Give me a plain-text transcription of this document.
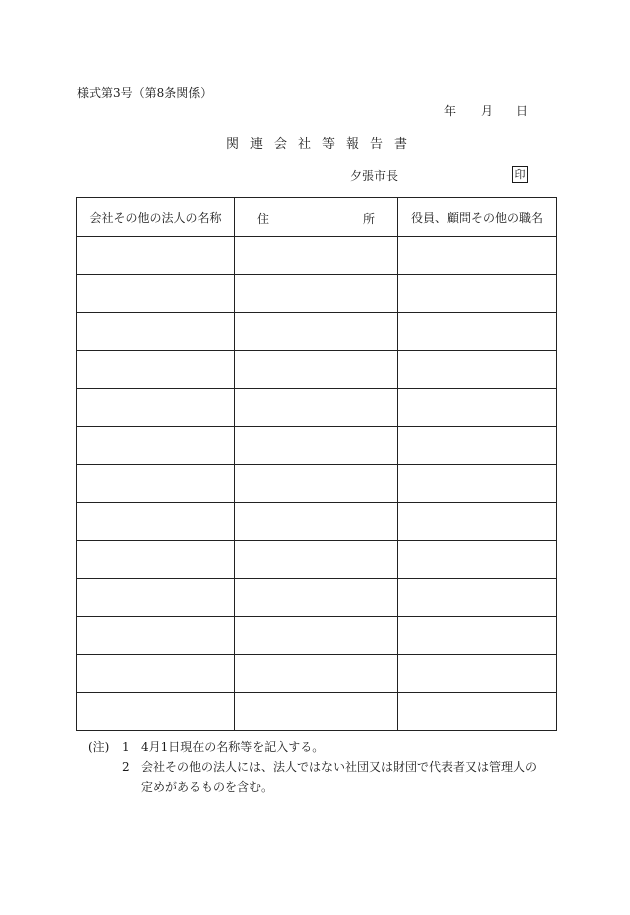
様式第3号（第8条関係）
年 月 日
関連会社等報告書
夕張市長	印
会社その他の法人の名称	住 所	役員、顧問その他の職名

(注)	1 4月1日現在の名称等を記入する。
2 会社その他の法人には、法人ではない社団又は財団で代表者又は管理人の定めがあるものを含む。
